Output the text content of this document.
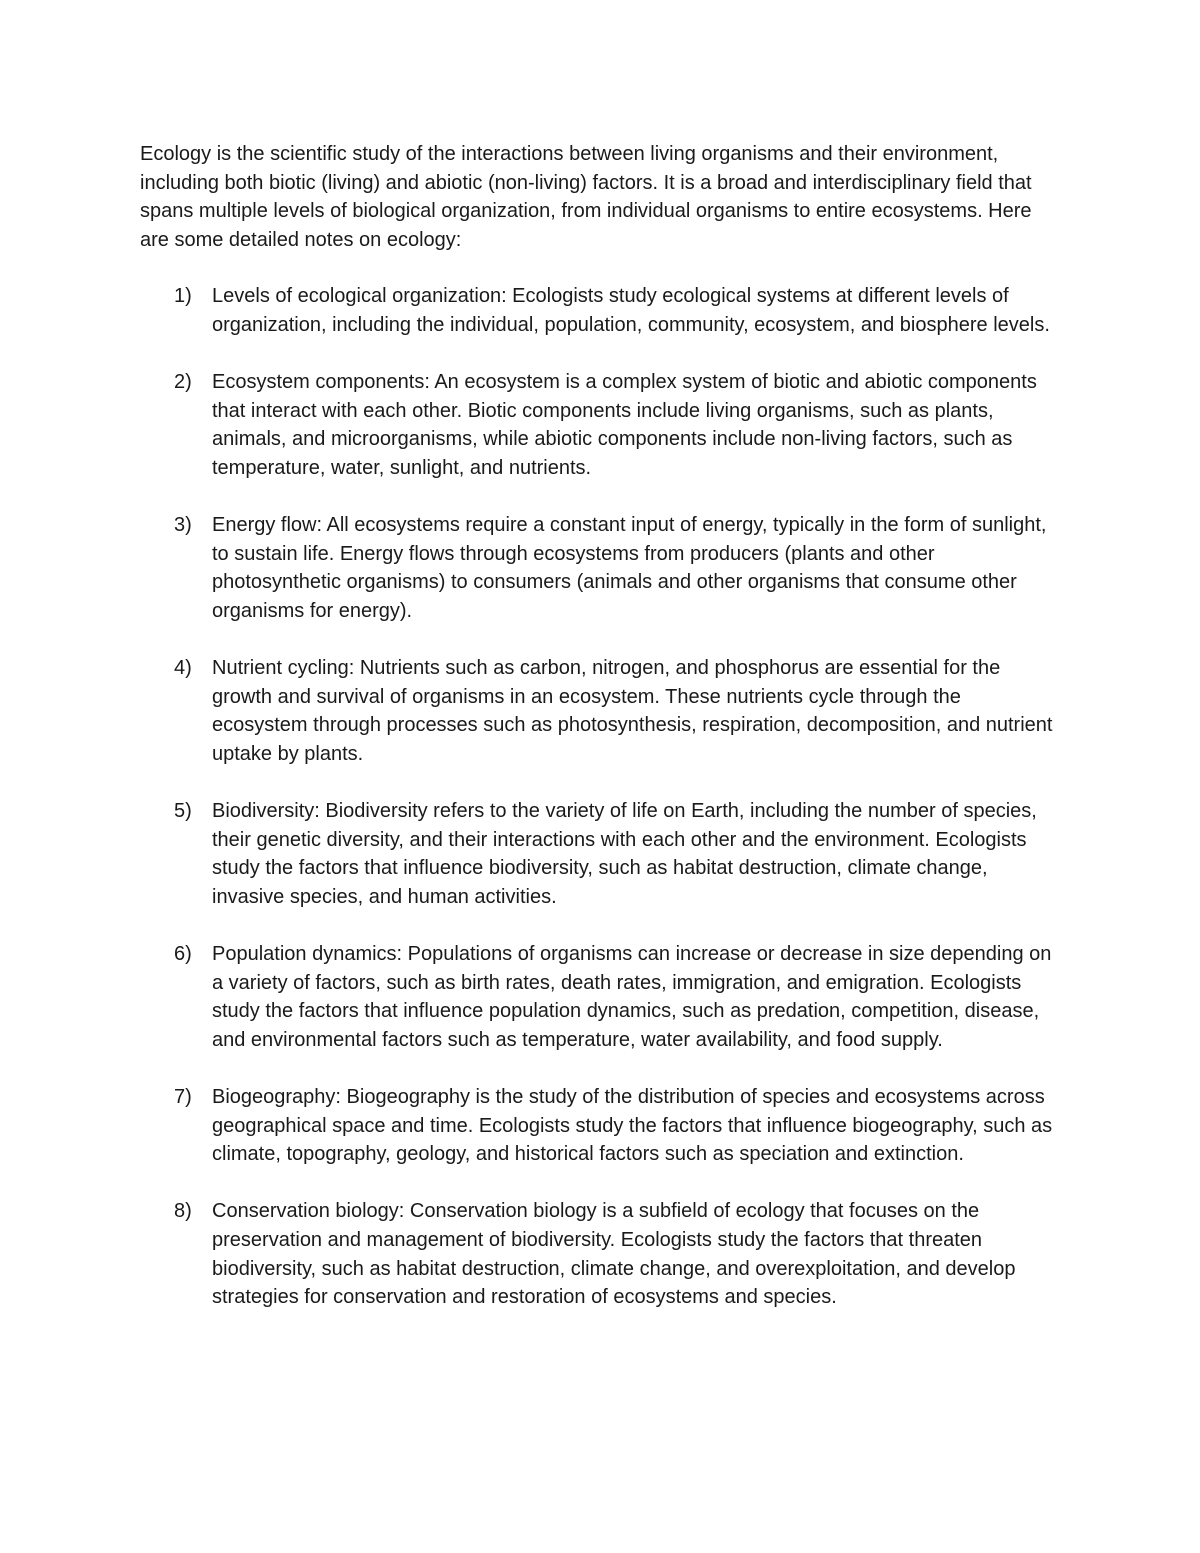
Ecology is the scientific study of the interactions between living organisms and their environment, including both biotic (living) and abiotic (non-living) factors. It is a broad and interdisciplinary field that spans multiple levels of biological organization, from individual organisms to entire ecosystems. Here are some detailed notes on ecology:

1) Levels of ecological organization: Ecologists study ecological systems at different levels of organization, including the individual, population, community, ecosystem, and biosphere levels.
2) Ecosystem components: An ecosystem is a complex system of biotic and abiotic components that interact with each other. Biotic components include living organisms, such as plants, animals, and microorganisms, while abiotic components include non-living factors, such as temperature, water, sunlight, and nutrients.
3) Energy flow: All ecosystems require a constant input of energy, typically in the form of sunlight, to sustain life. Energy flows through ecosystems from producers (plants and other photosynthetic organisms) to consumers (animals and other organisms that consume other organisms for energy).
4) Nutrient cycling: Nutrients such as carbon, nitrogen, and phosphorus are essential for the growth and survival of organisms in an ecosystem. These nutrients cycle through the ecosystem through processes such as photosynthesis, respiration, decomposition, and nutrient uptake by plants.
5) Biodiversity: Biodiversity refers to the variety of life on Earth, including the number of species, their genetic diversity, and their interactions with each other and the environment. Ecologists study the factors that influence biodiversity, such as habitat destruction, climate change, invasive species, and human activities.
6) Population dynamics: Populations of organisms can increase or decrease in size depending on a variety of factors, such as birth rates, death rates, immigration, and emigration. Ecologists study the factors that influence population dynamics, such as predation, competition, disease, and environmental factors such as temperature, water availability, and food supply.
7) Biogeography: Biogeography is the study of the distribution of species and ecosystems across geographical space and time. Ecologists study the factors that influence biogeography, such as climate, topography, geology, and historical factors such as speciation and extinction.
8) Conservation biology: Conservation biology is a subfield of ecology that focuses on the preservation and management of biodiversity. Ecologists study the factors that threaten biodiversity, such as habitat destruction, climate change, and overexploitation, and develop strategies for conservation and restoration of ecosystems and species.
